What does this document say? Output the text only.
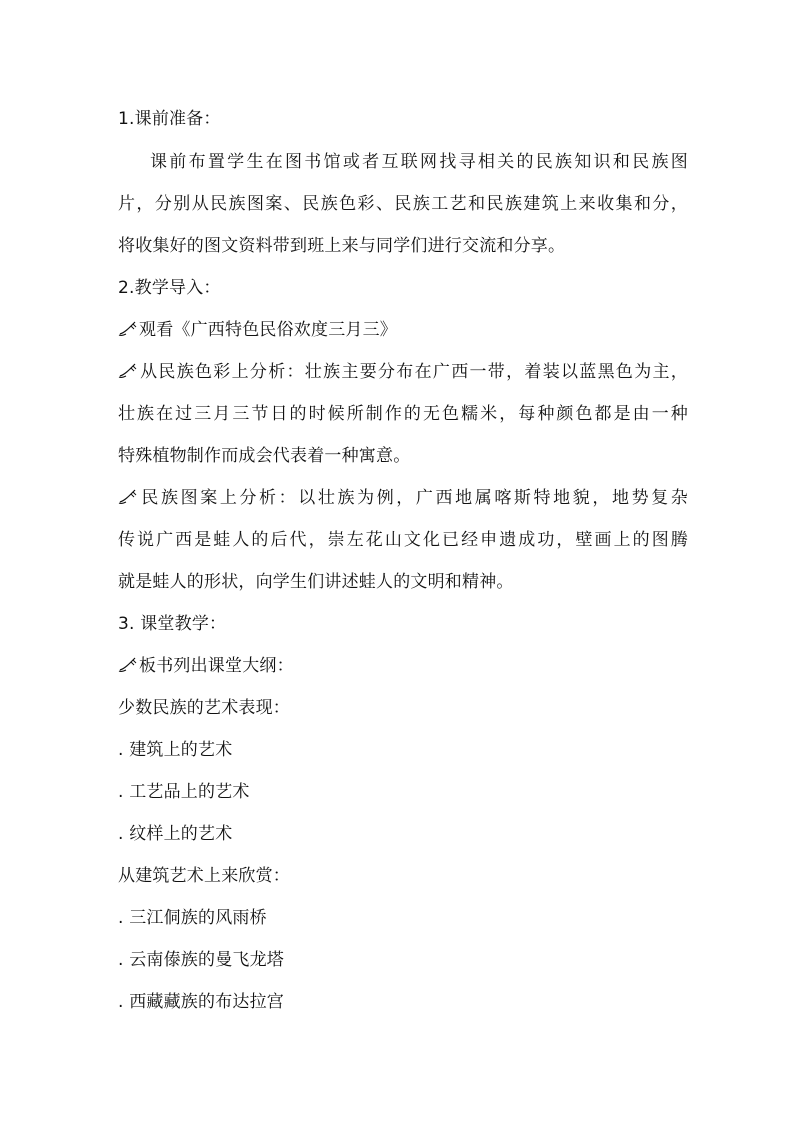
1.课前准备：
课前布置学生在图书馆或者互联网找寻相关的民族知识和民族图
片，分别从民族图案、民族色彩、民族工艺和民族建筑上来收集和分，
将收集好的图文资料带到班上来与同学们进行交流和分享。
2.教学导入：
观看《广西特色民俗欢度三月三》
从民族色彩上分析：壮族主要分布在广西一带，着装以蓝黑色为主，
壮族在过三月三节日的时候所制作的无色糯米，每种颜色都是由一种
特殊植物制作而成会代表着一种寓意。
民族图案上分析：以壮族为例，广西地属喀斯特地貌，地势复杂
传说广西是蛙人的后代，崇左花山文化已经申遗成功，壁画上的图腾
就是蛙人的形状，向学生们讲述蛙人的文明和精神。
3. 课堂教学：
板书列出课堂大纲：
少数民族的艺术表现：
. 建筑上的艺术
. 工艺品上的艺术
. 纹样上的艺术
从建筑艺术上来欣赏：
. 三江侗族的风雨桥
. 云南傣族的曼飞龙塔
. 西藏藏族的布达拉宫
